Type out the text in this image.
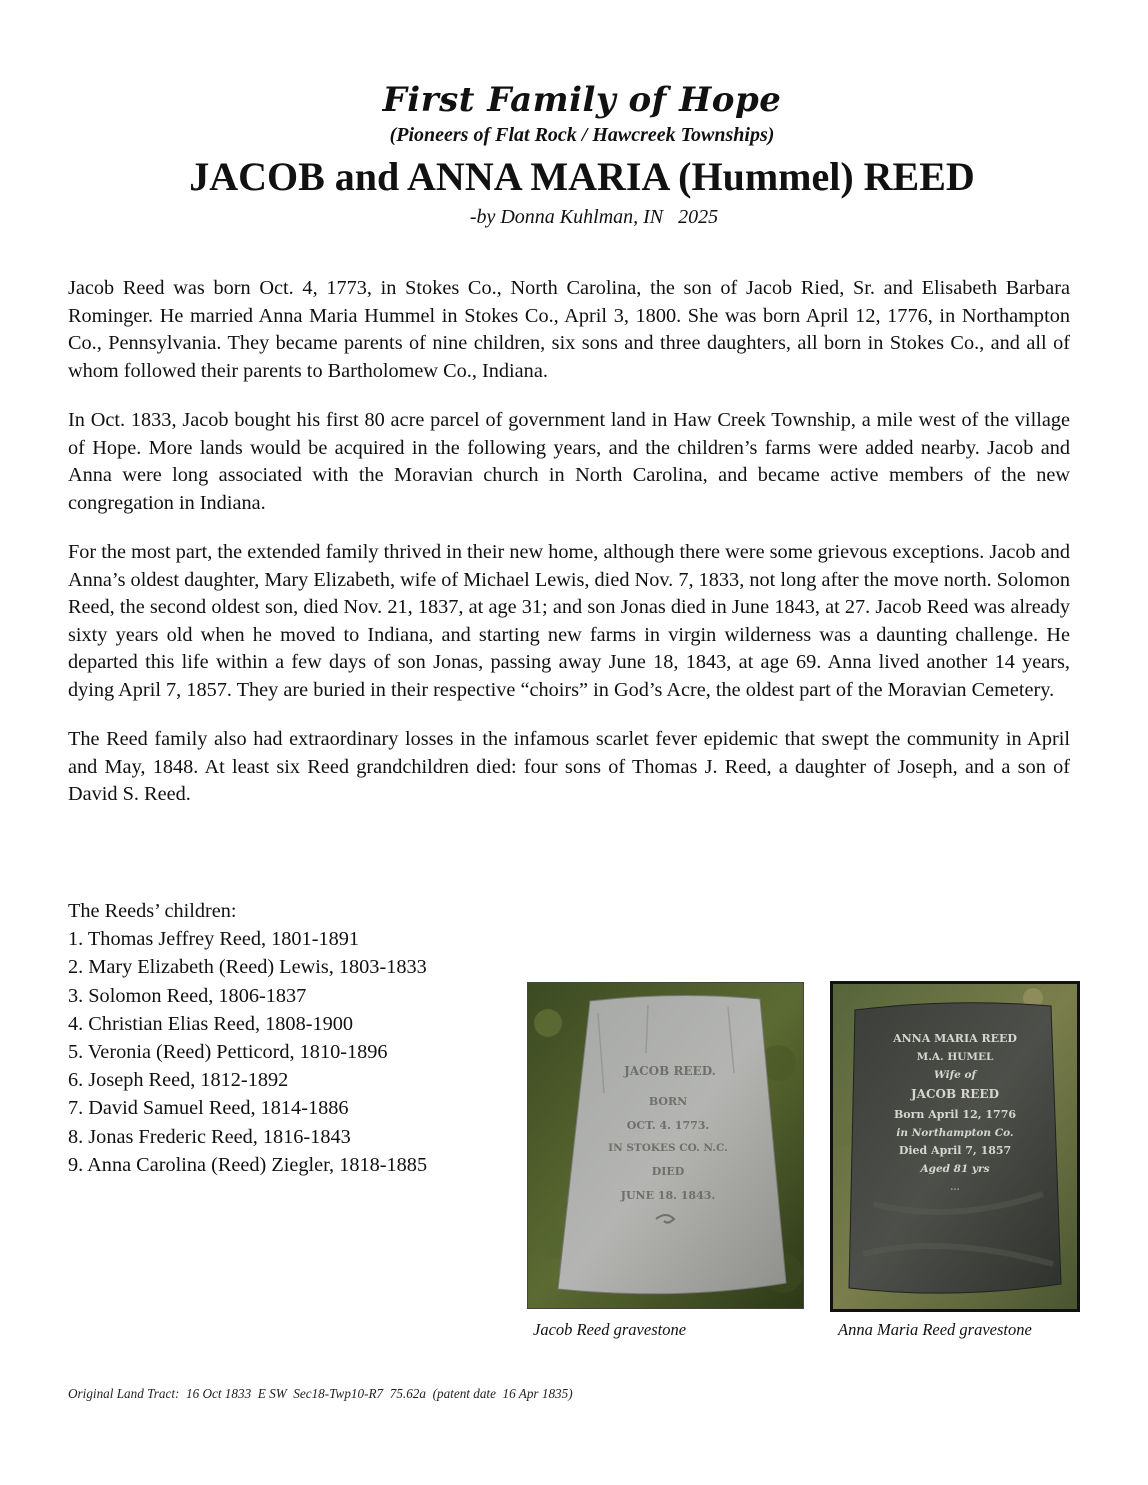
First Family of Hope
(Pioneers of Flat Rock / Hawcreek Townships)
JACOB and ANNA MARIA (Hummel) REED
-by Donna Kuhlman, IN   2025

Jacob Reed was born Oct. 4, 1773, in Stokes Co., North Carolina, the son of Jacob Ried, Sr. and Elisabeth Barbara Rominger. He married Anna Maria Hummel in Stokes Co., April 3, 1800. She was born April 12, 1776, in Northampton Co., Pennsylvania. They became parents of nine children, six sons and three daughters, all born in Stokes Co., and all of whom followed their parents to Bartholomew Co., Indiana.

In Oct. 1833, Jacob bought his first 80 acre parcel of government land in Haw Creek Township, a mile west of the village of Hope. More lands would be acquired in the following years, and the children’s farms were added nearby. Jacob and Anna were long associated with the Moravian church in North Carolina, and became active members of the new congregation in Indiana.

For the most part, the extended family thrived in their new home, although there were some grievous exceptions. Jacob and Anna’s oldest daughter, Mary Elizabeth, wife of Michael Lewis, died Nov. 7, 1833, not long after the move north. Solomon Reed, the second oldest son, died Nov. 21, 1837, at age 31; and son Jonas died in June 1843, at 27. Jacob Reed was already sixty years old when he moved to Indiana, and starting new farms in virgin wilderness was a daunting challenge. He departed this life within a few days of son Jonas, passing away June 18, 1843, at age 69. Anna lived another 14 years, dying April 7, 1857. They are buried in their respective “choirs” in God’s Acre, the oldest part of the Moravian Cemetery.

The Reed family also had extraordinary losses in the infamous scarlet fever epidemic that swept the community in April and May, 1848. At least six Reed grandchildren died: four sons of Thomas J. Reed, a daughter of Joseph, and a son of David S. Reed.

The Reeds’ children:
1. Thomas Jeffrey Reed, 1801-1891
2. Mary Elizabeth (Reed) Lewis, 1803-1833
3. Solomon Reed, 1806-1837
4. Christian Elias Reed, 1808-1900
5. Veronia (Reed) Petticord, 1810-1896
6. Joseph Reed, 1812-1892
7. David Samuel Reed, 1814-1886
8. Jonas Frederic Reed, 1816-1843
9. Anna Carolina (Reed) Ziegler, 1818-1885
JACOB REED.
BORN
OCT. 4. 1773.
IN STOKES CO. N.C.
DIED
JUNE 18. 1843.
ANNA MARIA REED
M.A. HUMEL
Wife of
JACOB REED
Born April 12, 1776
in Northampton Co.
Died April 7, 1857
Aged 81 yrs
...
Jacob Reed gravestone	Anna Maria Reed gravestone
Original Land Tract:  16 Oct 1833  E SW  Sec18-Twp10-R7  75.62a  (patent date  16 Apr 1835)
